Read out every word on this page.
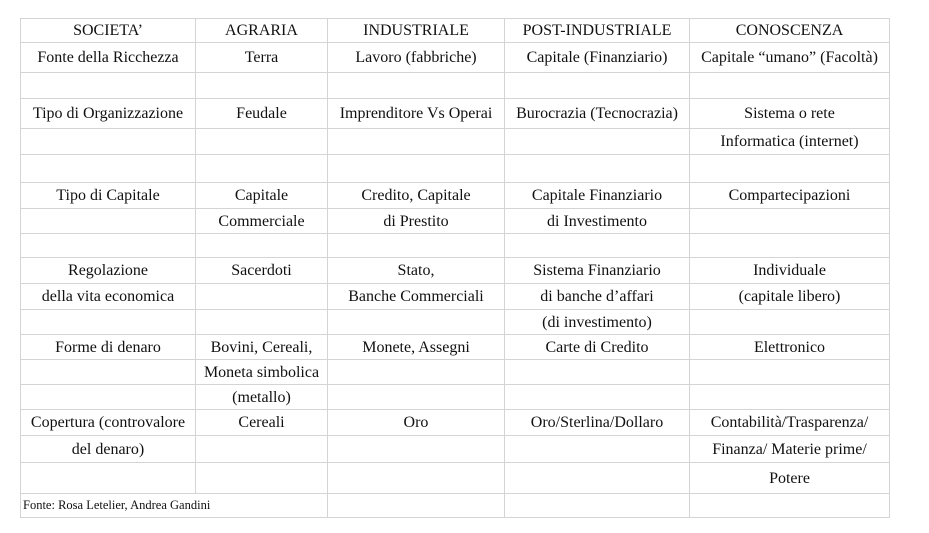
SOCIETA’	AGRARIA	INDUSTRIALE	POST-INDUSTRIALE	CONOSCENZA
Fonte della Ricchezza	Terra	Lavoro (fabbriche)	Capitale (Finanziario)	Capitale “umano” (Facoltà)

Tipo di Organizzazione	Feudale	Imprenditore Vs Operai	Burocrazia (Tecnocrazia)	Sistema o rete
				Informatica (internet)

Tipo di Capitale	Capitale	Credito, Capitale	Capitale Finanziario	Compartecipazioni
	Commerciale	di Prestito	di Investimento	

Regolazione	Sacerdoti	Stato,	Sistema Finanziario	Individuale
della vita economica		Banche Commerciali	di banche d’affari	(capitale libero)
			(di investimento)	
Forme di denaro	Bovini, Cereali,	Monete, Assegni	Carte di Credito	Elettronico
	Moneta simbolica			
	(metallo)			
Copertura (controvalore	Cereali	Oro	Oro/Sterlina/Dollaro	Contabilità/Trasparenza/
del denaro)				Finanza/ Materie prime/
				Potere
Fonte: Rosa Letelier, Andrea Gandini				
